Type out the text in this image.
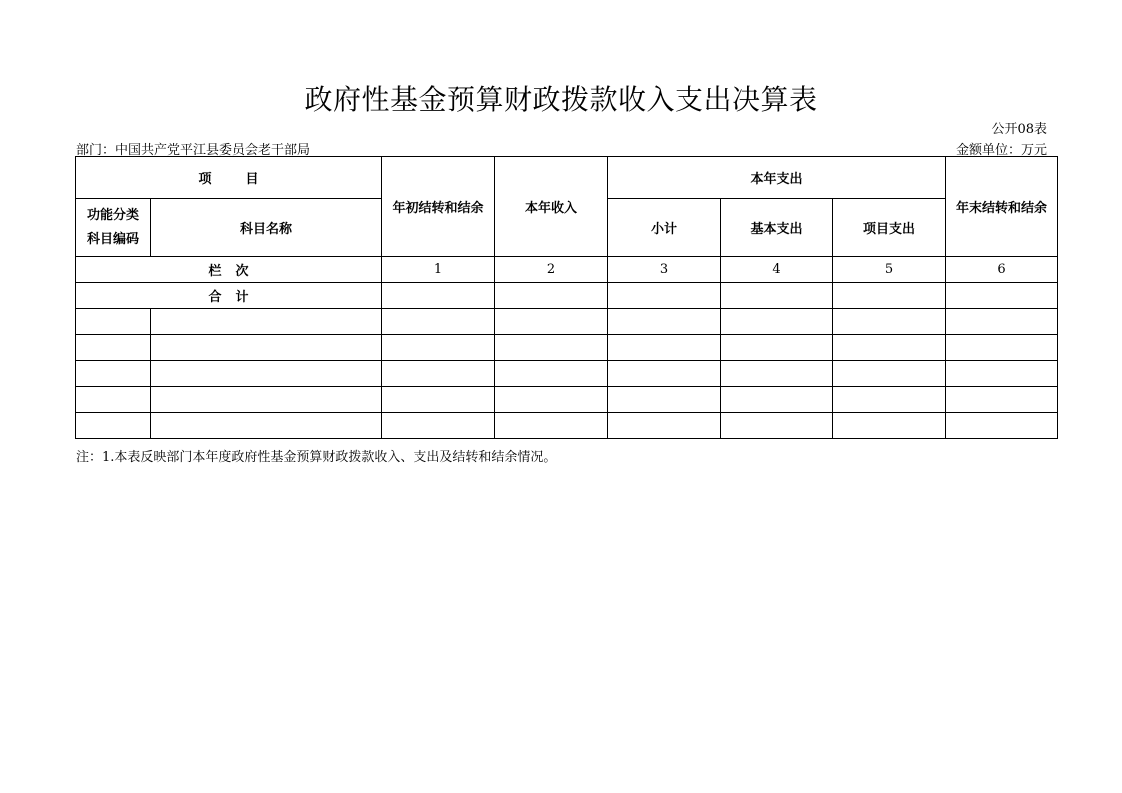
政府性基金预算财政拨款收入支出决算表
公开08表
部门：中国共产党平江县委员会老干部局	金额单位：万元
项 目		年初结转和结余	本年收入	本年支出			年末结转和结余

功能分类
科目编码	科目名称			小计	基本支出	项目支出	
栏 次		1	2	3	4	5	6
合 计							

注：1.本表反映部门本年度政府性基金预算财政拨款收入、支出及结转和结余情况。
